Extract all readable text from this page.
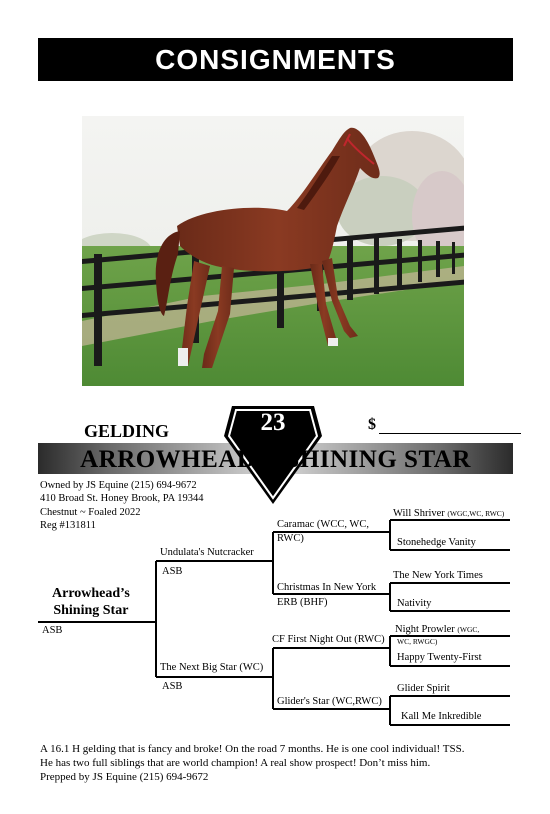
CONSIGNMENTS
GELDING	$
23
ARROWHEAD’S SHINING STAR
Owned by JS Equine (215) 694-9672
410 Broad St. Honey Brook, PA 19344
Chestnut ~ Foaled 2022
Reg #131811
Arrowhead’s
Shining Star
ASB
Undulata's Nutcracker
ASB
The Next Big Star (WC)
ASB
Caramac (WCC, WC,
RWC)
Christmas In New York
ERB (BHF)
CF First Night Out (RWC)
Glider's Star (WC,RWC)
Will Shriver (WGC,WC, RWC)
Stonehedge Vanity
The New York Times
Nativity
Night Prowler (WGC,
WC, RWGC)
Happy Twenty-First
Glider Spirit
Kall Me Inkredible
A 16.1 H gelding that is fancy and broke! On the road 7 months. He is one cool individual! TSS.
He has two full siblings that are world champion! A real show prospect! Don’t miss him.
Prepped by JS Equine (215) 694-9672
